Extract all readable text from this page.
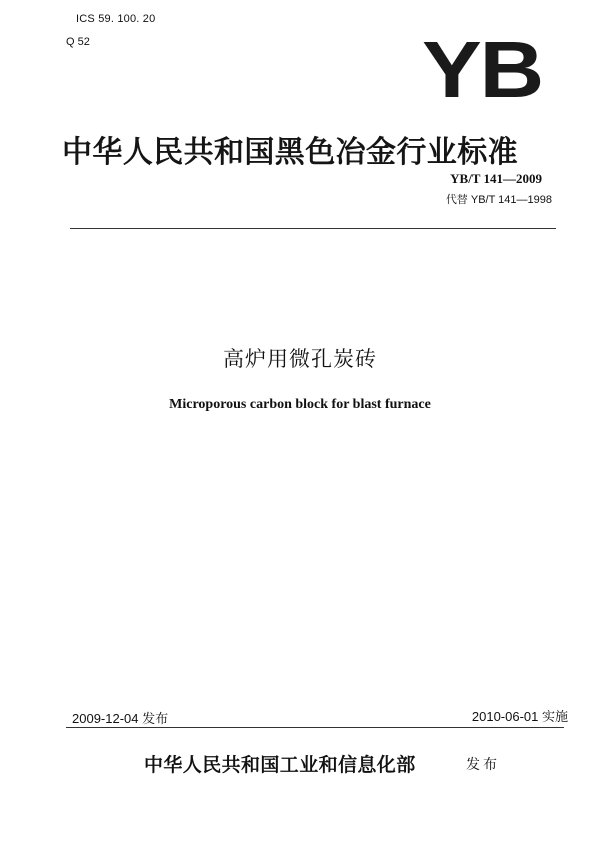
ICS 59. 100. 20
Q 52	YB
中华人民共和国黑色冶金行业标准
YB/T 141—2009
代替 YB/T 141—1998
高炉用微孔炭砖
Microporous carbon block for blast furnace
2009-12-04 发布	2010-06-01 实施
中华人民共和国工业和信息化部	发布
